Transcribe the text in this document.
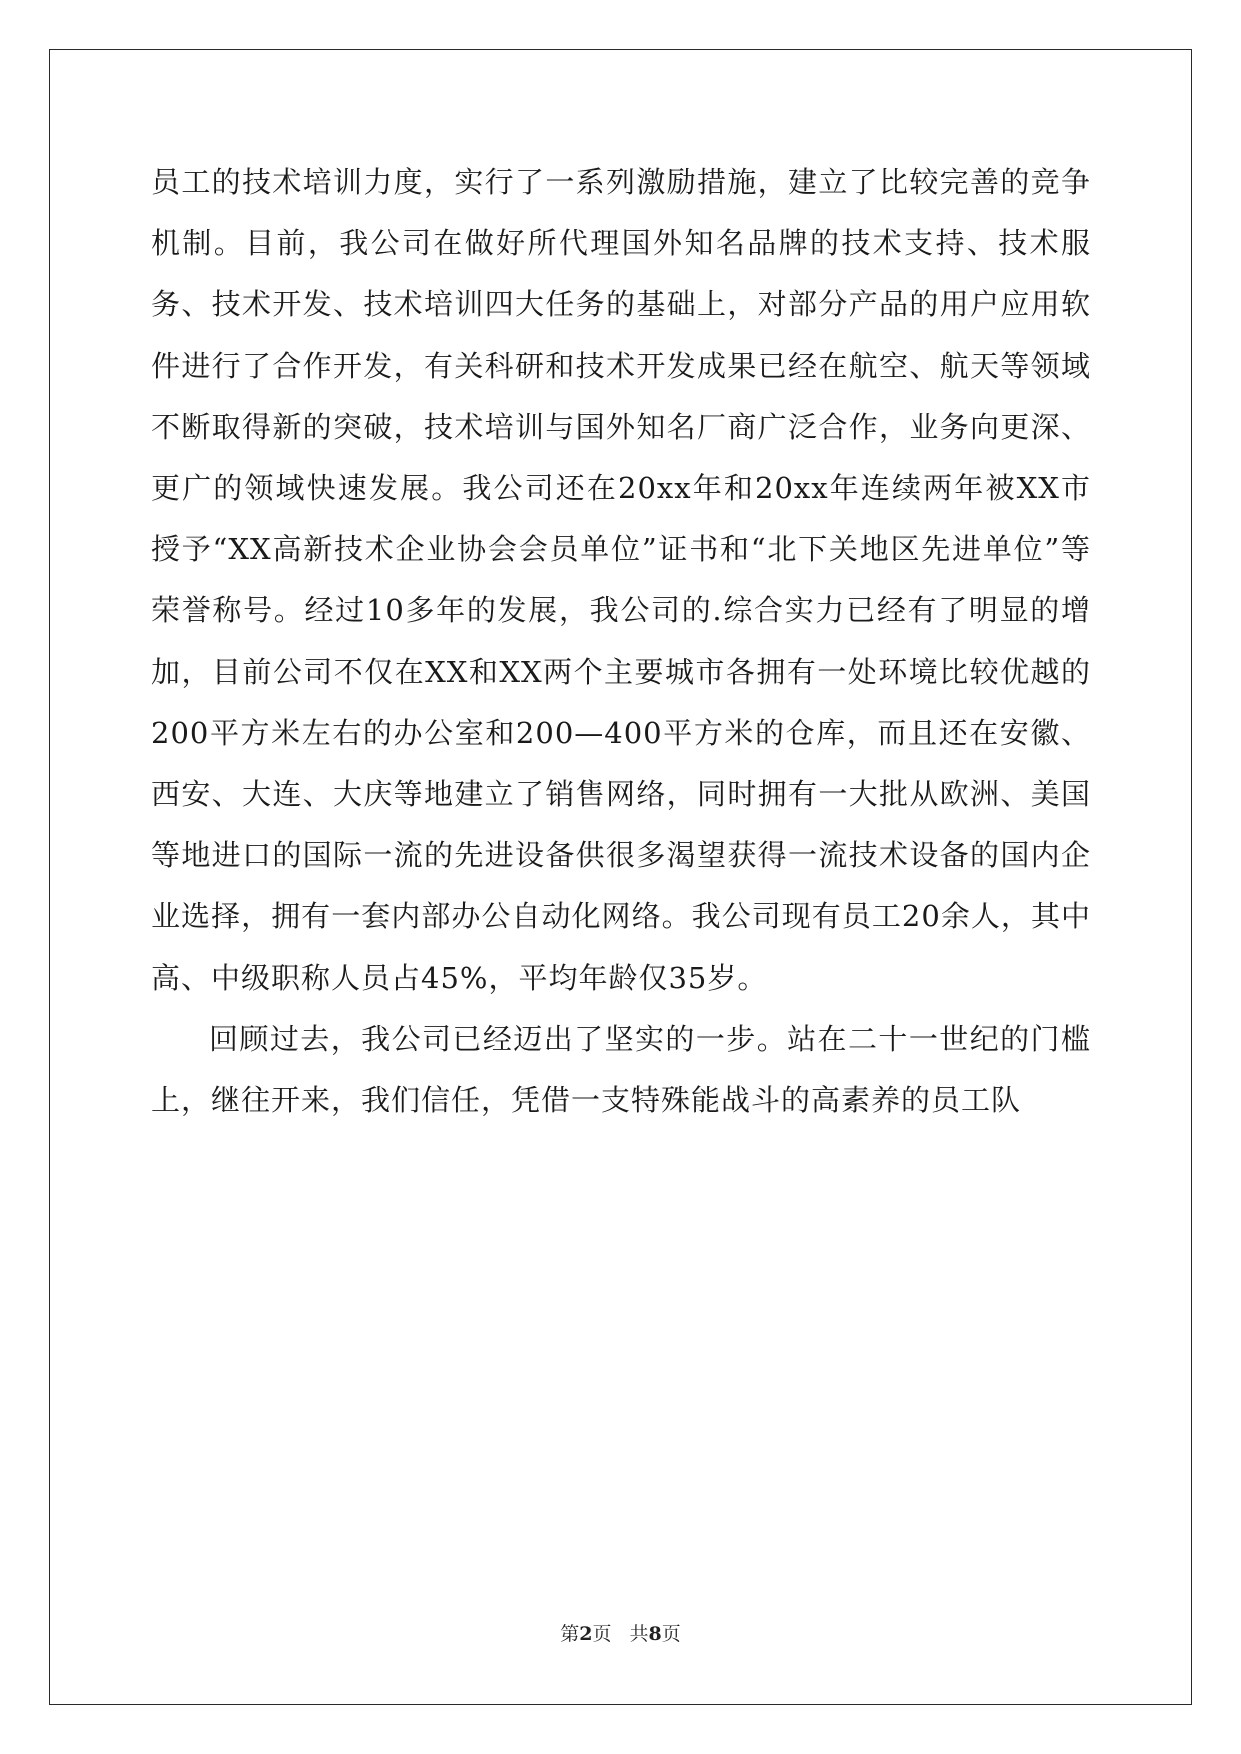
员工的技术培训力度，实行了一系列激励措施，建立了比较完善的竞争机制。目前，我公司在做好所代理国外知名品牌的技术支持、技术服务、技术开发、技术培训四大任务的基础上，对部分产品的用户应用软件进行了合作开发，有关科研和技术开发成果已经在航空、航天等领域不断取得新的突破，技术培训与国外知名厂商广泛合作，业务向更深、更广的领域快速发展。我公司还在20xx年和20xx年连续两年被XX市授予“XX高新技术企业协会会员单位”证书和“北下关地区先进单位”等荣誉称号。经过10多年的发展，我公司的.综合实力已经有了明显的增加，目前公司不仅在XX和XX两个主要城市各拥有一处环境比较优越的200平方米左右的办公室和200—400平方米的仓库，而且还在安徽、西安、大连、大庆等地建立了销售网络，同时拥有一大批从欧洲、美国等地进口的国际一流的先进设备供很多渴望获得一流技术设备的国内企业选择，拥有一套内部办公自动化网络。我公司现有员工20余人，其中高、中级职称人员占45%，平均年龄仅35岁。

回顾过去，我公司已经迈出了坚实的一步。站在二十一世纪的门槛上，继往开来，我们信任，凭借一支特殊能战斗的高素养的员工队

第2页 共8页
